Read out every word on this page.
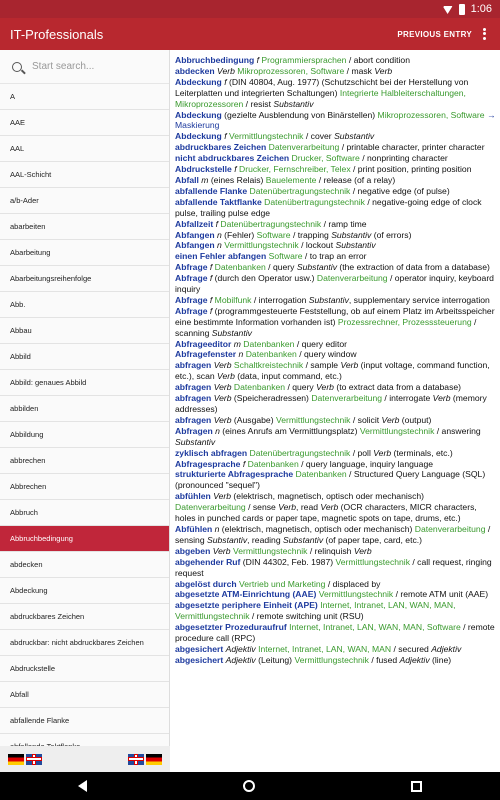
1:06
IT-Professionals	PREVIOUS ENTRY
Start search...
A
AAE
AAL
AAL-Schicht
a/b-Ader
abarbeiten
Abarbeitung
Abarbeitungsreihenfolge
Abb.
Abbau
Abbild
Abbild: genaues Abbild
abbilden
Abbildung
abbrechen
Abbrechen
Abbruch
Abbruchbedingung
abdecken
Abdeckung
abdruckbares Zeichen
abdruckbar: nicht abdruckbares Zeichen
Abdruckstelle
Abfall
abfallende Flanke
Abbruchbedingung f Programmiersprachen / abort condition
abdecken Verb Mikroprozessoren, Software / mask Verb
Abdeckung f (DIN 40804, Aug. 1977) (Schutzschicht bei der Herstellung von Leiterplatten und integrierten Schaltungen) Integrierte Halbleiterschaltungen, Mikroprozessoren / resist Substantiv
Abdeckung (gezielte Ausblendung von Binärstellen) Mikroprozessoren, Software → Maskierung
Abdeckung f Vermittlungstechnik / cover Substantiv
abdruckbares Zeichen Datenverarbeitung / printable character, printer character
nicht abdruckbares Zeichen Drucker, Software / nonprinting character
Abdruckstelle f Drucker, Fernschreiber, Telex / print position, printing position
Abfall m (eines Relais) Bauelemente / release (of a relay)
abfallende Flanke Datenübertragungstechnik / negative edge (of pulse)
abfallende Taktflanke Datenübertragungstechnik / negative-going edge of clock pulse, trailing pulse edge
Abfallzeit f Datenübertragungstechnik / ramp time
Abfangen n (Fehler) Software / trapping Substantiv (of errors)
Abfangen n Vermittlungstechnik / lockout Substantiv
einen Fehler abfangen Software / to trap an error
Abfrage f Datenbanken / query Substantiv (the extraction of data from a database)
Abfrage f (durch den Operator usw.) Datenverarbeitung / operator inquiry, keyboard inquiry
Abfrage f Mobilfunk / interrogation Substantiv, supplementary service interrogation
Abfrage f (programmgesteuerte Feststellung, ob auf einem Platz im Arbeitsspeicher eine bestimmte Information vorhanden ist) Prozessrechner, Prozesssteuerung / scanning Substantiv
Abfrageeditor m Datenbanken / query editor
Abfragefenster n Datenbanken / query window
abfragen Verb Schaltkreistechnik / sample Verb (input voltage, command function, etc.), scan Verb (data, input command, etc.)
abfragen Verb Datenbanken / query Verb (to extract data from a database)
abfragen Verb (Speicheradressen) Datenverarbeitung / interrogate Verb (memory addresses)
abfragen Verb (Ausgabe) Vermittlungstechnik / solicit Verb (output)
Abfragen n (eines Anrufs am Vermittlungsplatz) Vermittlungstechnik / answering Substantiv
zyklisch abfragen Datenübertragungstechnik / poll Verb (terminals, etc.)
Abfragesprache f Datenbanken / query language, inquiry language
strukturierte Abfragesprache Datenbanken / Structured Query Language (SQL) (pronounced "sequel")
abfühlen Verb (elektrisch, magnetisch, optisch oder mechanisch) Datenverarbeitung / sense Verb, read Verb (OCR characters, MICR characters, holes in punched cards or paper tape, magnetic spots on tape, drums, etc.)
Abfühlen n (elektrisch, magnetisch, optisch oder mechanisch) Datenverarbeitung / sensing Substantiv, reading Substantiv (of paper tape, card, etc.)
abgeben Verb Vermittlungstechnik / relinquish Verb
abgehender Ruf (DIN 44302, Feb. 1987) Vermittlungstechnik / call request, ringing request
abgelöst durch Vertrieb und Marketing / displaced by
abgesetzte ATM-Einrichtung (AAE) Vermittlungstechnik / remote ATM unit (AAE)
abgesetzte periphere Einheit (APE) Internet, Intranet, LAN, WAN, MAN, Vermittlungstechnik / remote switching unit (RSU)
abgesetzter Prozeduraufruf Internet, Intranet, LAN, WAN, MAN, Software / remote procedure call (RPC)
abgesichert Adjektiv Internet, Intranet, LAN, WAN, MAN / secured Adjektiv
abgesichert Adjektiv (Leitung) Vermittlungstechnik / fused Adjektiv (line)
